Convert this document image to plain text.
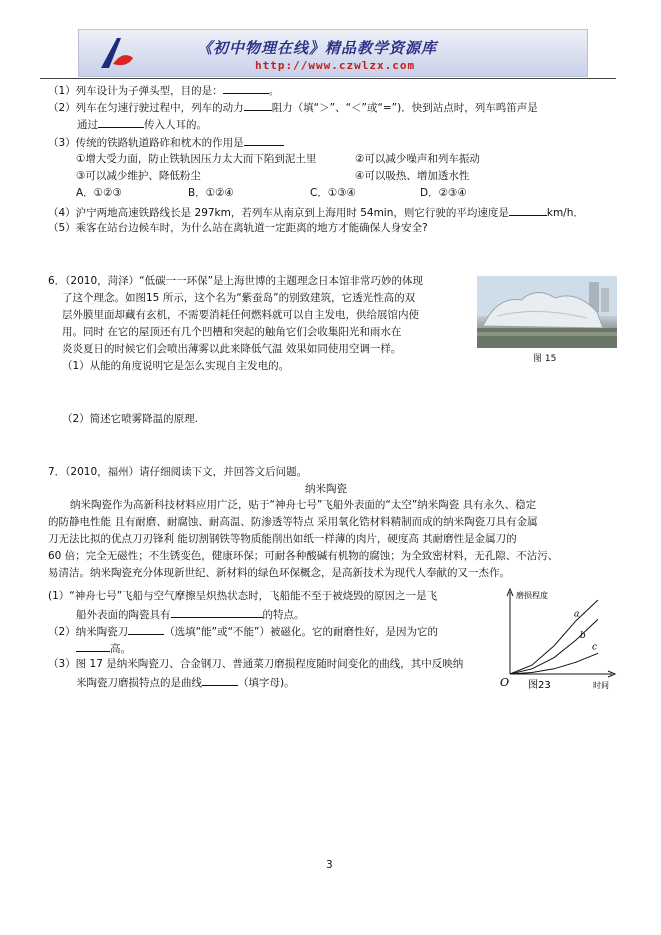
《初中物理在线》精品教学资源库
http://www.czwlzx.com
（1）列车设计为子弹头型，目的是：	。
（2）列车在匀速行驶过程中，列车的动力	阻力（填“＞”、“＜”或“=”)．快到站点时，列车鸣笛声是
通过	传入人耳的。
（3）传统的铁路轨道路砟和枕木的作用是
①增大受力面，防止铁轨因压力太大而下陷到泥土里	②可以减少噪声和列车振动
③可以减少维护、降低粉尘	④可以吸热、增加透水性
A．①②③	B．①②④	C．①③④	D．②③④
（4）沪宁两地高速铁路线长是 297km，若列车从南京到上海用时 54min，则它行驶的平均速度是	km/h．
（5）乘客在站台边候车时，为什么站在离轨道一定距离的地方才能确保人身安全?
6．（2010，菏泽）“低碳一一环保”是上海世博的主题理念日本馆非常巧妙的体现
了这个理念。如图15 所示，这个名为“紫蚕岛”的别致建筑，它透光性高的双
层外膜里面却藏有玄机，不需要消耗任何燃料就可以自主发电，供给展馆内使
用。同时 在它的屋顶还有几个凹槽和突起的触角它们会收集阳光和雨水在
炎炎夏日的时候它们会喷出薄雾以此来降低气温 效果如同使用空调一样。
（1）从能的角度说明它是怎么实现自主发电的。
图 15
（2）简述它喷雾降温的原理.
7．（2010，福州）请仔细阅读下文，并回答文后问题。
纳米陶瓷
纳米陶瓷作为高新科技材料应用广泛，贴于“神舟七号”飞船外表面的“太空”纳米陶瓷 具有永久、稳定
的防静电性能 且有耐磨、耐腐蚀、耐高温、防渗透等特点 采用氧化锆材料精制而成的纳米陶瓷刀具有金属
刀无法比拟的优点刀刃锋利 能切割钢铁等物质能削出如纸一样薄的肉片，硬度高 其耐磨性是金属刀的
60 倍；完全无磁性；不生锈变色，健康环保；可耐各种酸碱有机物的腐蚀；为全致密材料，无孔隙、不沾污、
易清洁。纳米陶瓷充分体现新世纪、新材料的绿色环保概念，是高新技术为现代人奉献的又一杰作。
(1）“神舟七号”飞船与空气摩擦呈炽热状态时，飞船能不至于被烧毁的原因之一是飞
船外表面的陶瓷具有	的特点。
（2）纳米陶瓷刀	（选填“能”或“不能”）被磁化。它的耐磨性好，是因为它的
高。
（3）图 17 是纳米陶瓷刀、合金钢刀、普通菜刀磨损程度随时间变化的曲线，其中反映纳
米陶瓷刀磨损特点的是曲线	（填字母)。
磨损程度
时间
O 图23
a
b
c
3
